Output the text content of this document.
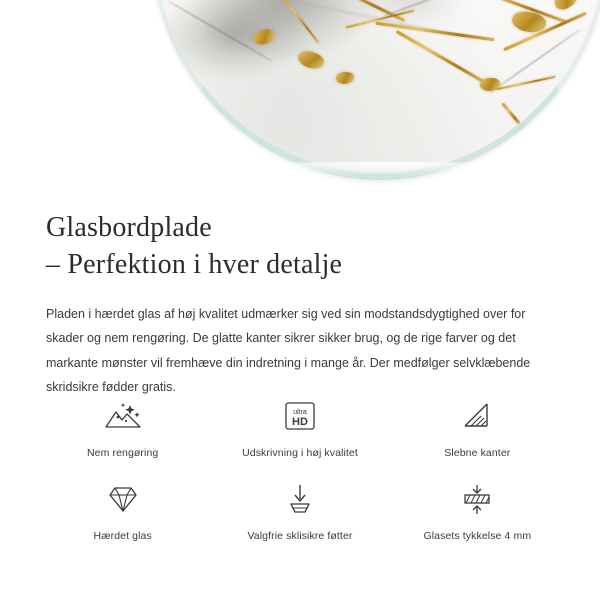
Glasbordplade
– Perfektion i hver detalje

Pladen i hærdet glas af høj kvalitet udmærker sig ved sin modstandsdygtighed over for skader og nem rengøring. De glatte kanter sikrer sikker brug, og de rige farver og det markante mønster vil fremhæve din indretning i mange år. Der medfølger selvklæbende skridsikre fødder gratis.

Nem rengøring
ultra
HD
Udskrivning i høj kvalitet	Slebne kanter
Hærdet glas	Valgfrie sklisikre føtter	Glasets tykkelse 4 mm
